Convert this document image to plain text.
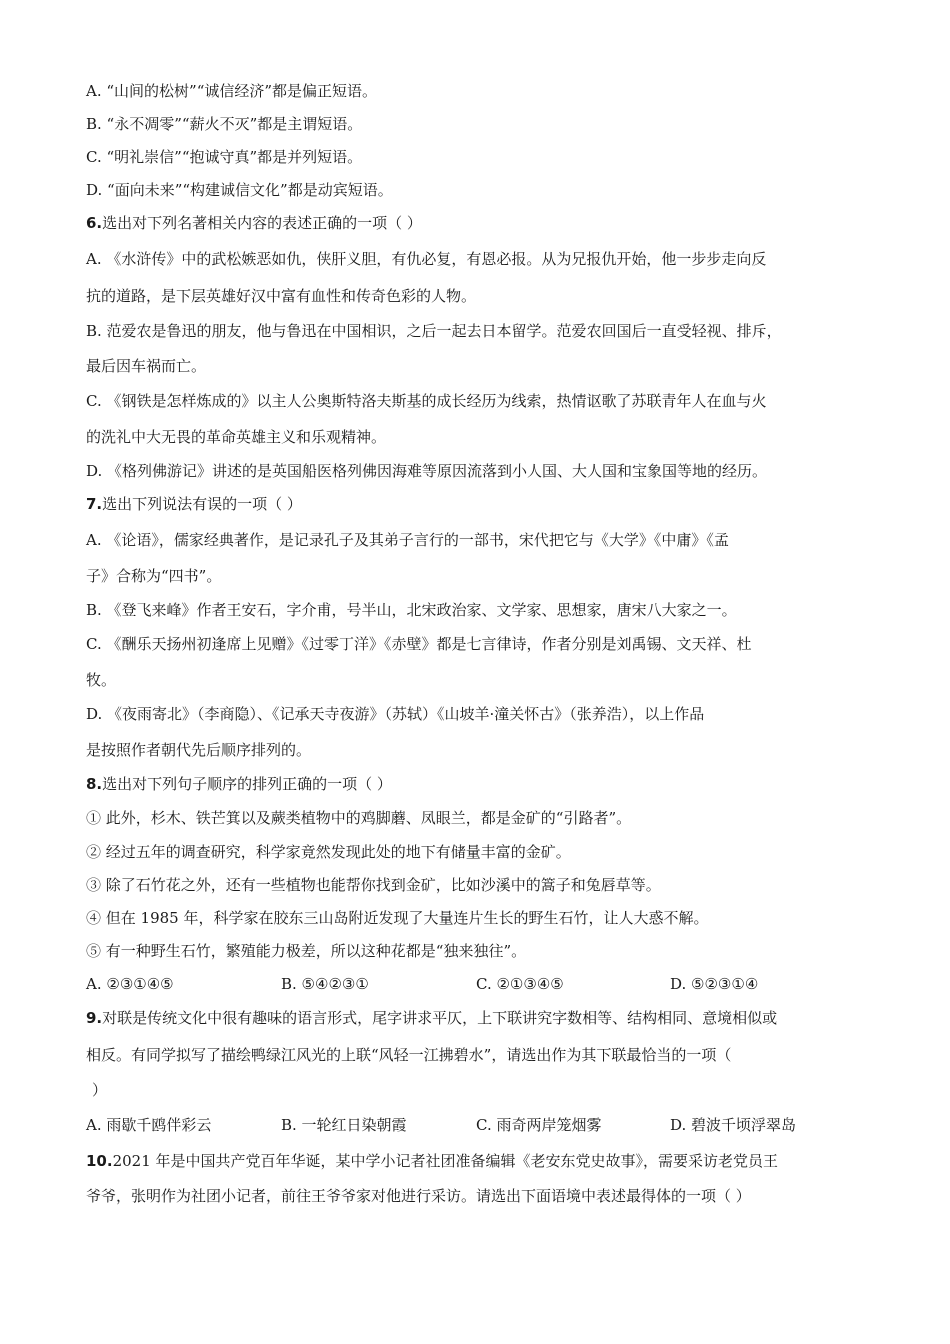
A. “山间的松树”“诚信经济”都是偏正短语。
B. “永不凋零”“薪火不灭”都是主谓短语。
C. “明礼崇信”“抱诚守真”都是并列短语。
D. “面向未来”“构建诚信文化”都是动宾短语。
6.选出对下列名著相关内容的表述正确的一项（ ）
A. 《水浒传》中的武松嫉恶如仇，侠肝义胆，有仇必复，有恩必报。从为兄报仇开始，他一步步走向反
抗的道路，是下层英雄好汉中富有血性和传奇色彩的人物。
B. 范爱农是鲁迅的朋友，他与鲁迅在中国相识，之后一起去日本留学。范爱农回国后一直受轻视、排斥，
最后因车祸而亡。
C. 《钢铁是怎样炼成的》以主人公奥斯特洛夫斯基的成长经历为线索，热情讴歌了苏联青年人在血与火
的洗礼中大无畏的革命英雄主义和乐观精神。
D. 《格列佛游记》讲述的是英国船医格列佛因海难等原因流落到小人国、大人国和宝象国等地的经历。
7.选出下列说法有误的一项（ ）
A. 《论语》，儒家经典著作，是记录孔子及其弟子言行的一部书，宋代把它与《大学》《中庸》《孟
子》合称为“四书”。
B. 《登飞来峰》作者王安石，字介甫，号半山，北宋政治家、文学家、思想家，唐宋八大家之一。
C. 《酬乐天扬州初逢席上见赠》《过零丁洋》《赤壁》都是七言律诗，作者分别是刘禹锡、文天祥、杜
牧。
D. 《夜雨寄北》（李商隐）、《记承天寺夜游》（苏轼）《山坡羊·潼关怀古》（张养浩），以上作品
是按照作者朝代先后顺序排列的。
8.选出对下列句子顺序的排列正确的一项（ ）
① 此外，杉木、铁芒箕以及蕨类植物中的鸡脚蘑、凤眼兰，都是金矿的“引路者”。
② 经过五年的调查研究，科学家竟然发现此处的地下有储量丰富的金矿。
③ 除了石竹花之外，还有一些植物也能帮你找到金矿，比如沙溪中的篙子和兔唇草等。
④ 但在 1985 年，科学家在胶东三山岛附近发现了大量连片生长的野生石竹，让人大惑不解。
⑤ 有一种野生石竹，繁殖能力极差，所以这种花都是“独来独往”。
A. ②③①④⑤	B. ⑤④②③①	C. ②①③④⑤	D. ⑤②③①④
9.对联是传统文化中很有趣味的语言形式，尾字讲求平仄，上下联讲究字数相等、结构相同、意境相似或
相反。有同学拟写了描绘鸭绿江风光的上联“风轻一江拂碧水”，请选出作为其下联最恰当的一项（
）
A. 雨歇千鸥伴彩云	B. 一轮红日染朝霞	C. 雨奇两岸笼烟雾	D. 碧波千顷浮翠岛
10.2021 年是中国共产党百年华诞，某中学小记者社团准备编辑《老安东党史故事》，需要采访老党员王
爷爷，张明作为社团小记者，前往王爷爷家对他进行采访。请选出下面语境中表述最得体的一项（ ）
